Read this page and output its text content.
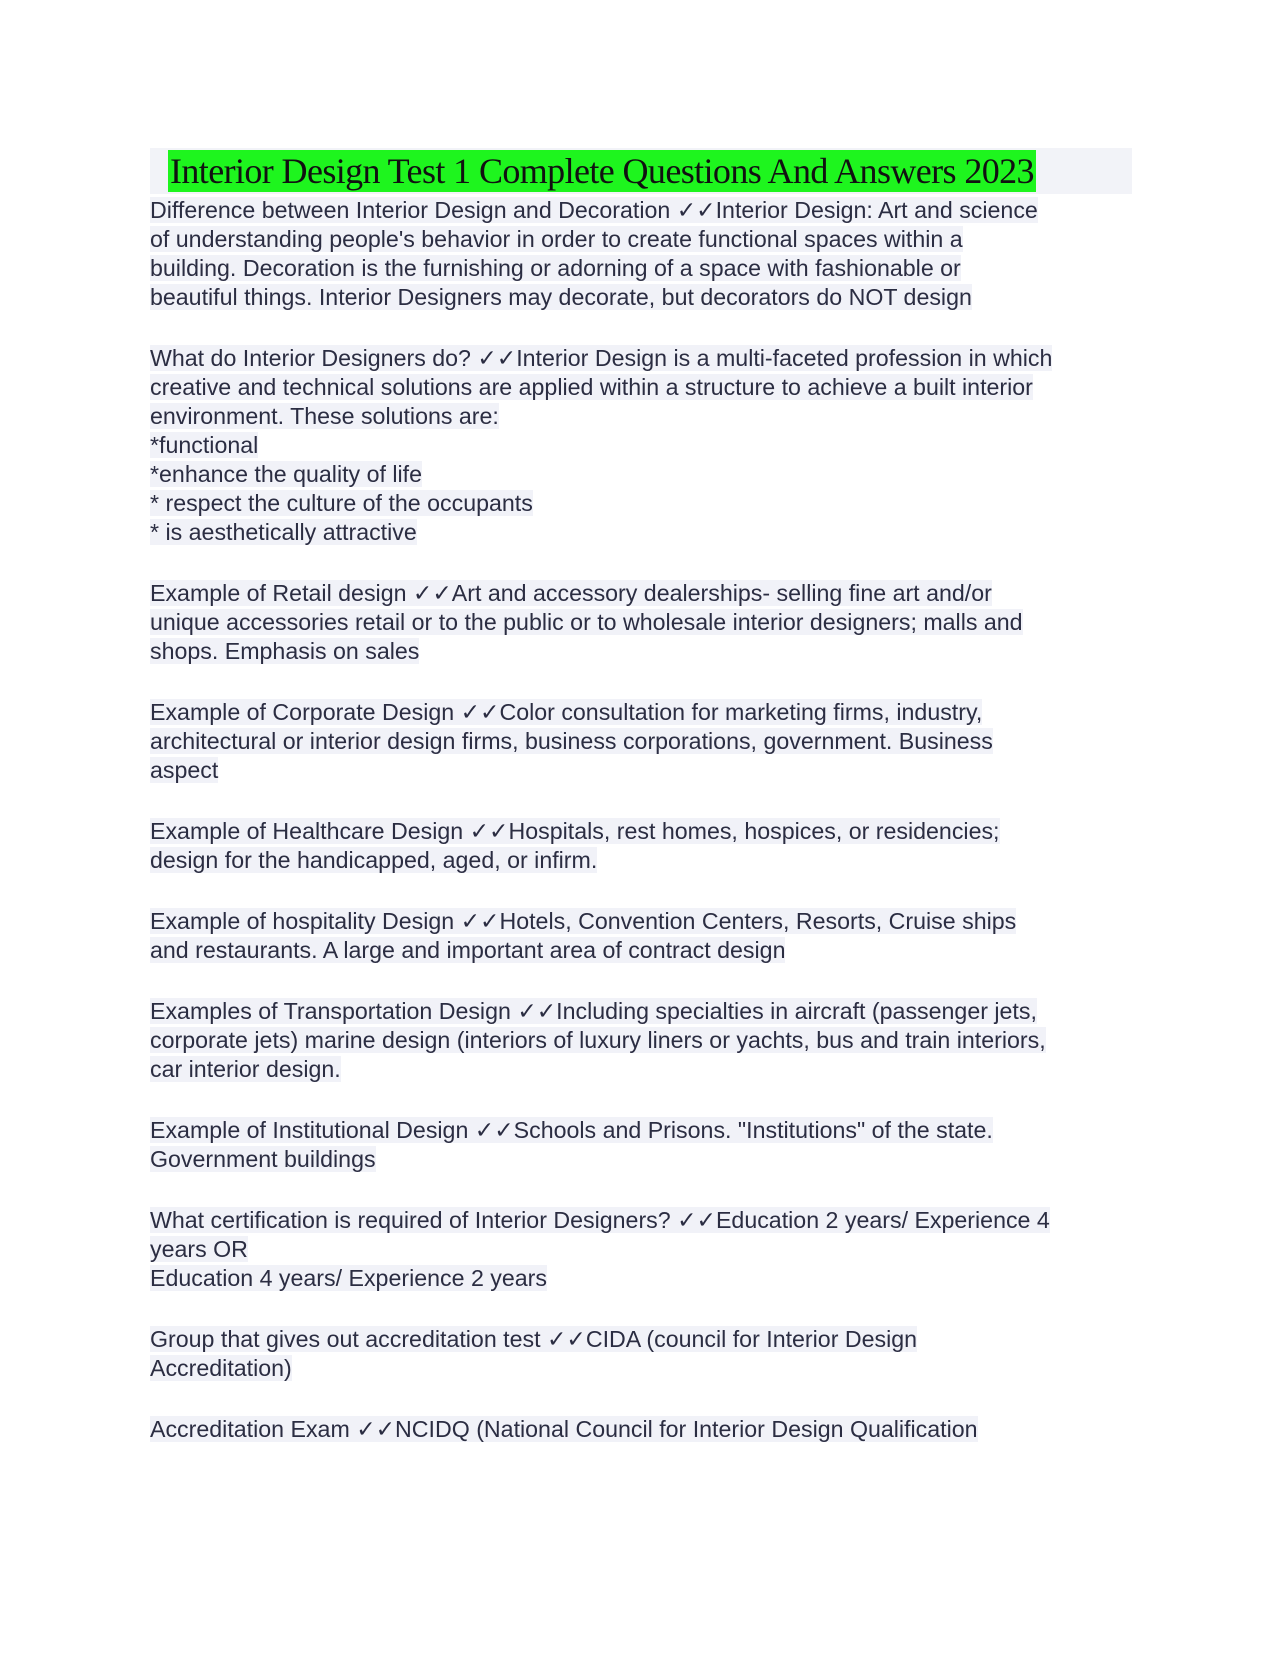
Interior Design Test 1 Complete Questions And Answers 2023
Difference between Interior Design and Decoration ✓✓Interior Design: Art and science
of understanding people's behavior in order to create functional spaces within a
building. Decoration is the furnishing or adorning of a space with fashionable or
beautiful things. Interior Designers may decorate, but decorators do NOT design
What do Interior Designers do? ✓✓Interior Design is a multi-faceted profession in which
creative and technical solutions are applied within a structure to achieve a built interior
environment. These solutions are:
*functional
*enhance the quality of life
* respect the culture of the occupants
* is aesthetically attractive
Example of Retail design ✓✓Art and accessory dealerships- selling fine art and/or
unique accessories retail or to the public or to wholesale interior designers; malls and
shops. Emphasis on sales
Example of Corporate Design ✓✓Color consultation for marketing firms, industry,
architectural or interior design firms, business corporations, government. Business
aspect
Example of Healthcare Design ✓✓Hospitals, rest homes, hospices, or residencies;
design for the handicapped, aged, or infirm.
Example of hospitality Design ✓✓Hotels, Convention Centers, Resorts, Cruise ships
and restaurants. A large and important area of contract design
Examples of Transportation Design ✓✓Including specialties in aircraft (passenger jets,
corporate jets) marine design (interiors of luxury liners or yachts, bus and train interiors,
car interior design.
Example of Institutional Design ✓✓Schools and Prisons. "Institutions" of the state.
Government buildings
What certification is required of Interior Designers? ✓✓Education 2 years/ Experience 4
years OR
Education 4 years/ Experience 2 years
Group that gives out accreditation test ✓✓CIDA (council for Interior Design
Accreditation)
Accreditation Exam ✓✓NCIDQ (National Council for Interior Design Qualification
